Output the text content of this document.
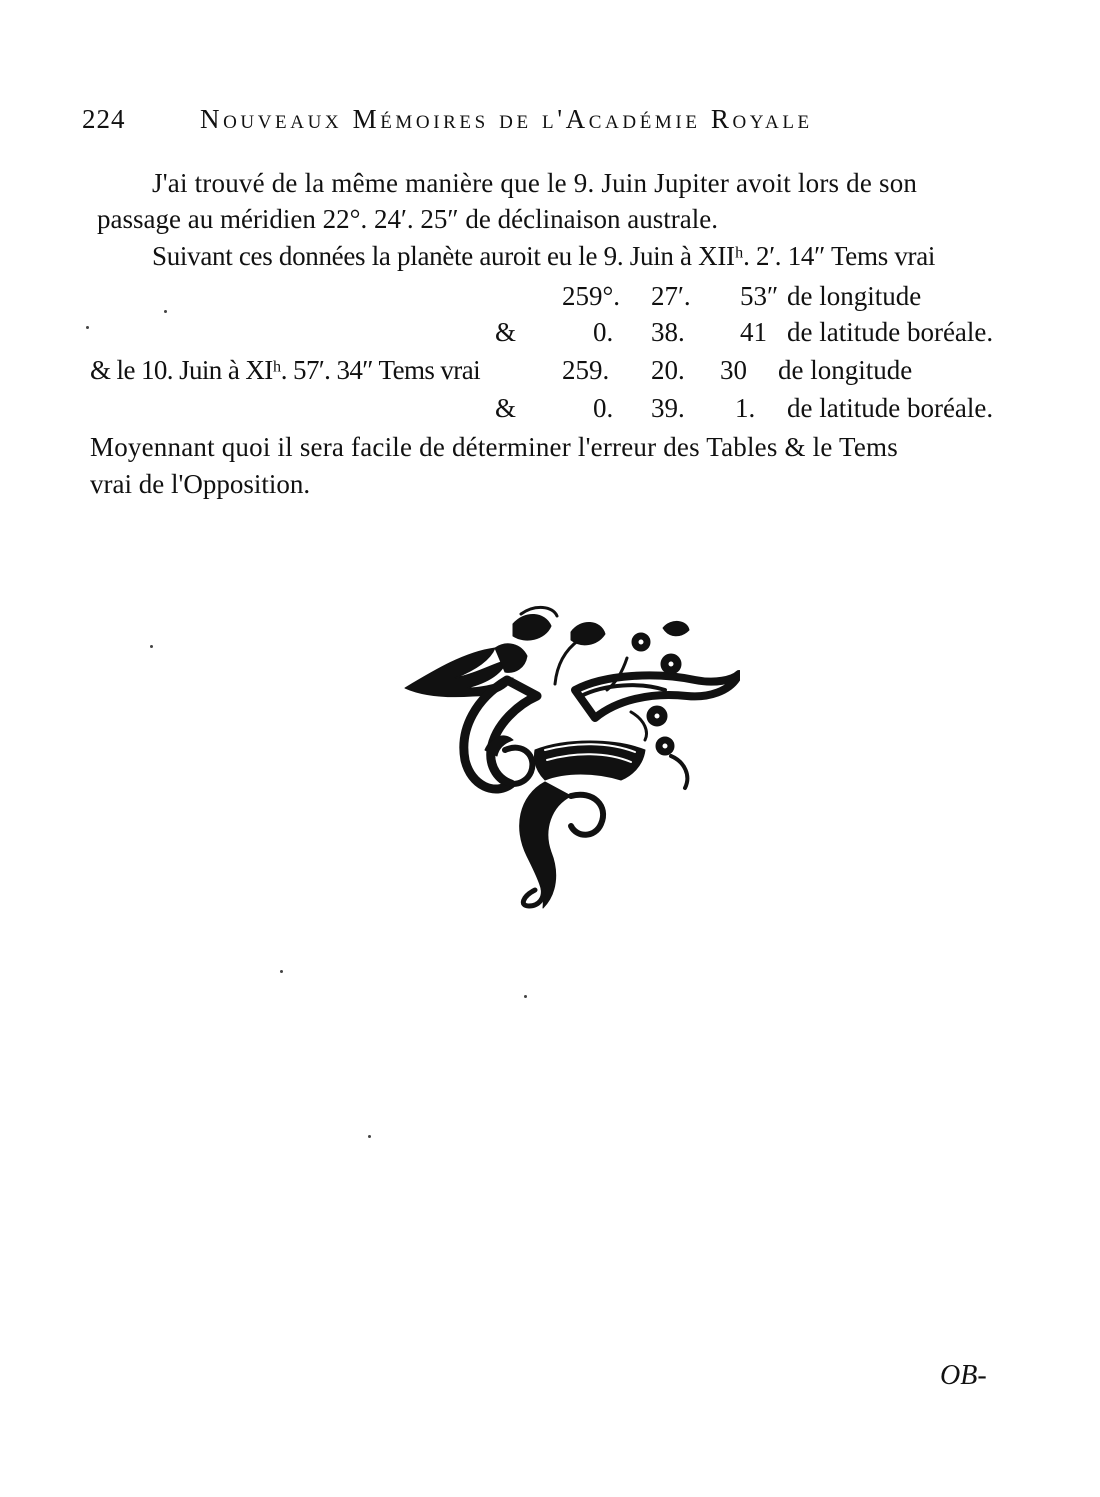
224	Nouveaux Mémoires de l'Académie Royale
J'ai trouvé de la même manière que le 9. Juin Jupiter avoit lors de son
passage au méridien 22°. 24′. 25″ de déclinaison australe.
Suivant ces données la planète auroit eu le 9. Juin à XIIʰ. 2′. 14″ Tems vrai
259°. 27′. 53″ de longitude
&	0. 38. 41 de latitude boréale.
& le 10. Juin à XIʰ. 57′. 34″ Tems vrai	259. 20. 30 de longitude
&	0. 39. 1. de latitude boréale.
Moyennant quoi il sera facile de déterminer l'erreur des Tables & le Tems
vrai de l'Opposition.
OB-
